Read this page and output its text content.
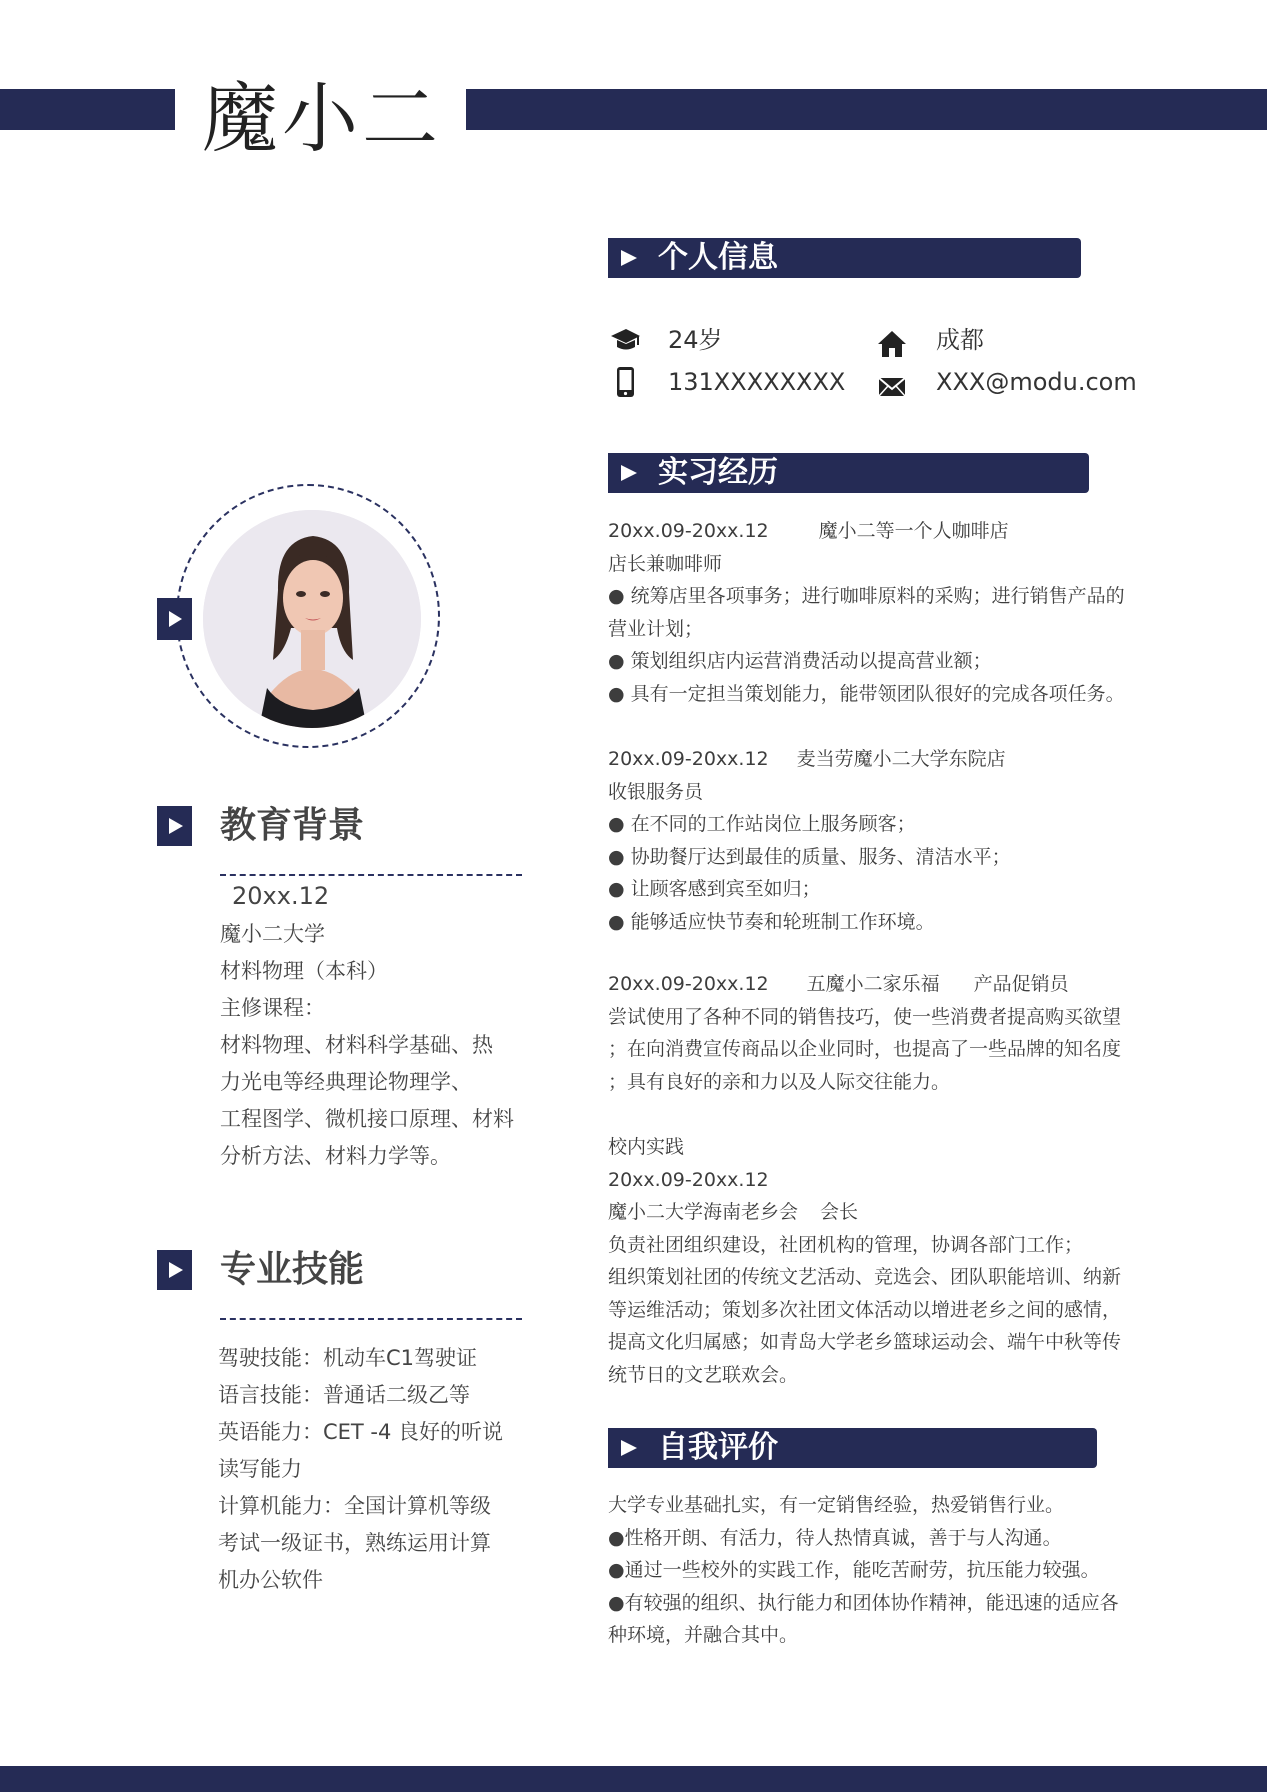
魔小二
教育背景
20xx.12
魔小二大学
材料物理（本科）
主修课程：
材料物理、材料科学基础、热
力光电等经典理论物理学、
工程图学、微机接口原理、材料
分析方法、材料力学等。
专业技能
驾驶技能：机动车C1驾驶证
语言技能：普通话二级乙等
英语能力：CET -4 良好的听说
读写能力
计算机能力：全国计算机等级
考试一级证书，熟练运用计算
机办公软件
个人信息
24岁	成都
131XXXXXXXX	XXX@modu.com
实习经历
20xx.09-20xx.12	魔小二等一个人咖啡店
店长兼咖啡师
● 统筹店里各项事务；进行咖啡原料的采购；进行销售产品的
营业计划；
● 策划组织店内运营消费活动以提高营业额；
● 具有一定担当策划能力，能带领团队很好的完成各项任务。
20xx.09-20xx.12 麦当劳魔小二大学东院店
收银服务员
● 在不同的工作站岗位上服务顾客；
● 协助餐厅达到最佳的质量、服务、清洁水平；
● 让顾客感到宾至如归；
● 能够适应快节奏和轮班制工作环境。
20xx.09-20xx.12 五魔小二家乐福 产品促销员
尝试使用了各种不同的销售技巧，使一些消费者提高购买欲望
；在向消费宣传商品以企业同时，也提高了一些品牌的知名度
；具有良好的亲和力以及人际交往能力。
校内实践
20xx.09-20xx.12
魔小二大学海南老乡会 会长
负责社团组织建设，社团机构的管理，协调各部门工作；
组织策划社团的传统文艺活动、竞选会、团队职能培训、纳新
等运维活动；策划多次社团文体活动以增进老乡之间的感情，
提高文化归属感；如青岛大学老乡篮球运动会、端午中秋等传
统节日的文艺联欢会。
自我评价
大学专业基础扎实，有一定销售经验，热爱销售行业。
●性格开朗、有活力，待人热情真诚，善于与人沟通。
●通过一些校外的实践工作，能吃苦耐劳，抗压能力较强。
●有较强的组织、执行能力和团体协作精神，能迅速的适应各
种环境，并融合其中。
